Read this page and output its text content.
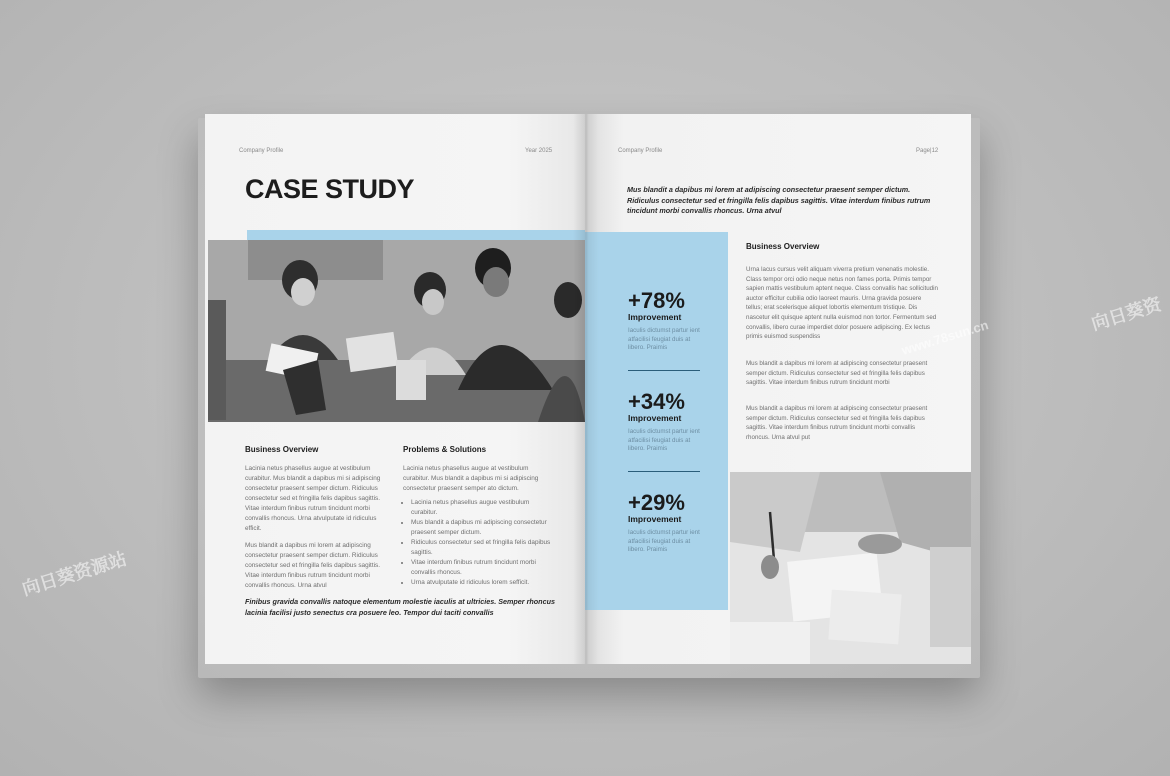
Company Profile	Year 2025
CASE STUDY
Business Overview
Lacinia netus phasellus augue at vestibulum curabitur. Mus blandit a dapibus mi si adipiscing consectetur praesent semper dictum. Ridiculus consectetur sed et fringilla felis dapibus sagittis. Vitae interdum finibus rutrum tincidunt morbi convallis rhoncus. Urna atvulputate id ridiculus efficit.
Mus blandit a dapibus mi lorem at adipiscing consectetur praesent semper dictum. Ridiculus consectetur sed et fringilla felis dapibus sagittis. Vitae interdum finibus rutrum tincidunt morbi convallis rhoncus. Urna atvul
Problems & Solutions
Lacinia netus phasellus augue at vestibulum curabitur. Mus blandit a dapibus mi si adipiscing consectetur praesent semper ato dictum.
• Lacinia netus phasellus augue vestibulum curabitur.
• Mus blandit a dapibus mi adipiscing consectetur praesent semper dictum.
• Ridiculus consectetur sed et fringilla felis dapibus sagittis.
• Vitae interdum finibus rutrum tincidunt morbi convallis rhoncus.
• Urna atvulputate id ridiculus lorem sefficit.
Finibus gravida convallis natoque elementum molestie iaculis at ultricies. Semper rhoncus lacinia facilisi justo senectus cra posuere leo. Tempor dui taciti convallis
Company Profile	Page|12
Mus blandit a dapibus mi lorem at adipiscing consectetur praesent semper dictum. Ridiculus consectetur sed et fringilla felis dapibus sagittis. Vitae interdum finibus rutrum tincidunt morbi convallis rhoncus. Urna atvul
+78%
Improvement
Iaculis dictumst partur ient atfacilisi feugiat duis at libero. Praimis
+34%
Improvement
Iaculis dictumst partur ient atfacilisi feugiat duis at libero. Praimis
+29%
Improvement
Iaculis dictumst partur ient atfacilisi feugiat duis at libero. Praimis
Business Overview
Urna lacus cursus velit aliquam viverra pretium venenatis molestie. Class tempor orci odio neque netus non fames porta. Primis tempor sapien mattis vestibulum aptent neque. Class convallis hac sollicitudin auctor efficitur cubilia odio laoreet mauris. Urna gravida posuere tellus; erat scelerisque aliquet lobortis elementum tristique. Dis nascetur elit quisque aptent nulla euismod non tortor. Fermentum sed convallis, libero curae imperdiet dolor posuere adipiscing. Ex lectus primis euismod suspendiss
Mus blandit a dapibus mi lorem at adipiscing consectetur praesent semper dictum. Ridiculus consectetur sed et fringilla felis dapibus sagittis. Vitae interdum finibus rutrum tincidunt morbi
Mus blandit a dapibus mi lorem at adipiscing consectetur praesent semper dictum. Ridiculus consectetur sed et fringilla felis dapibus sagittis. Vitae interdum finibus rutrum tincidunt morbi convallis rhoncus. Urna atvul put
向日葵资源站
www.78sun.cn
向日葵资
